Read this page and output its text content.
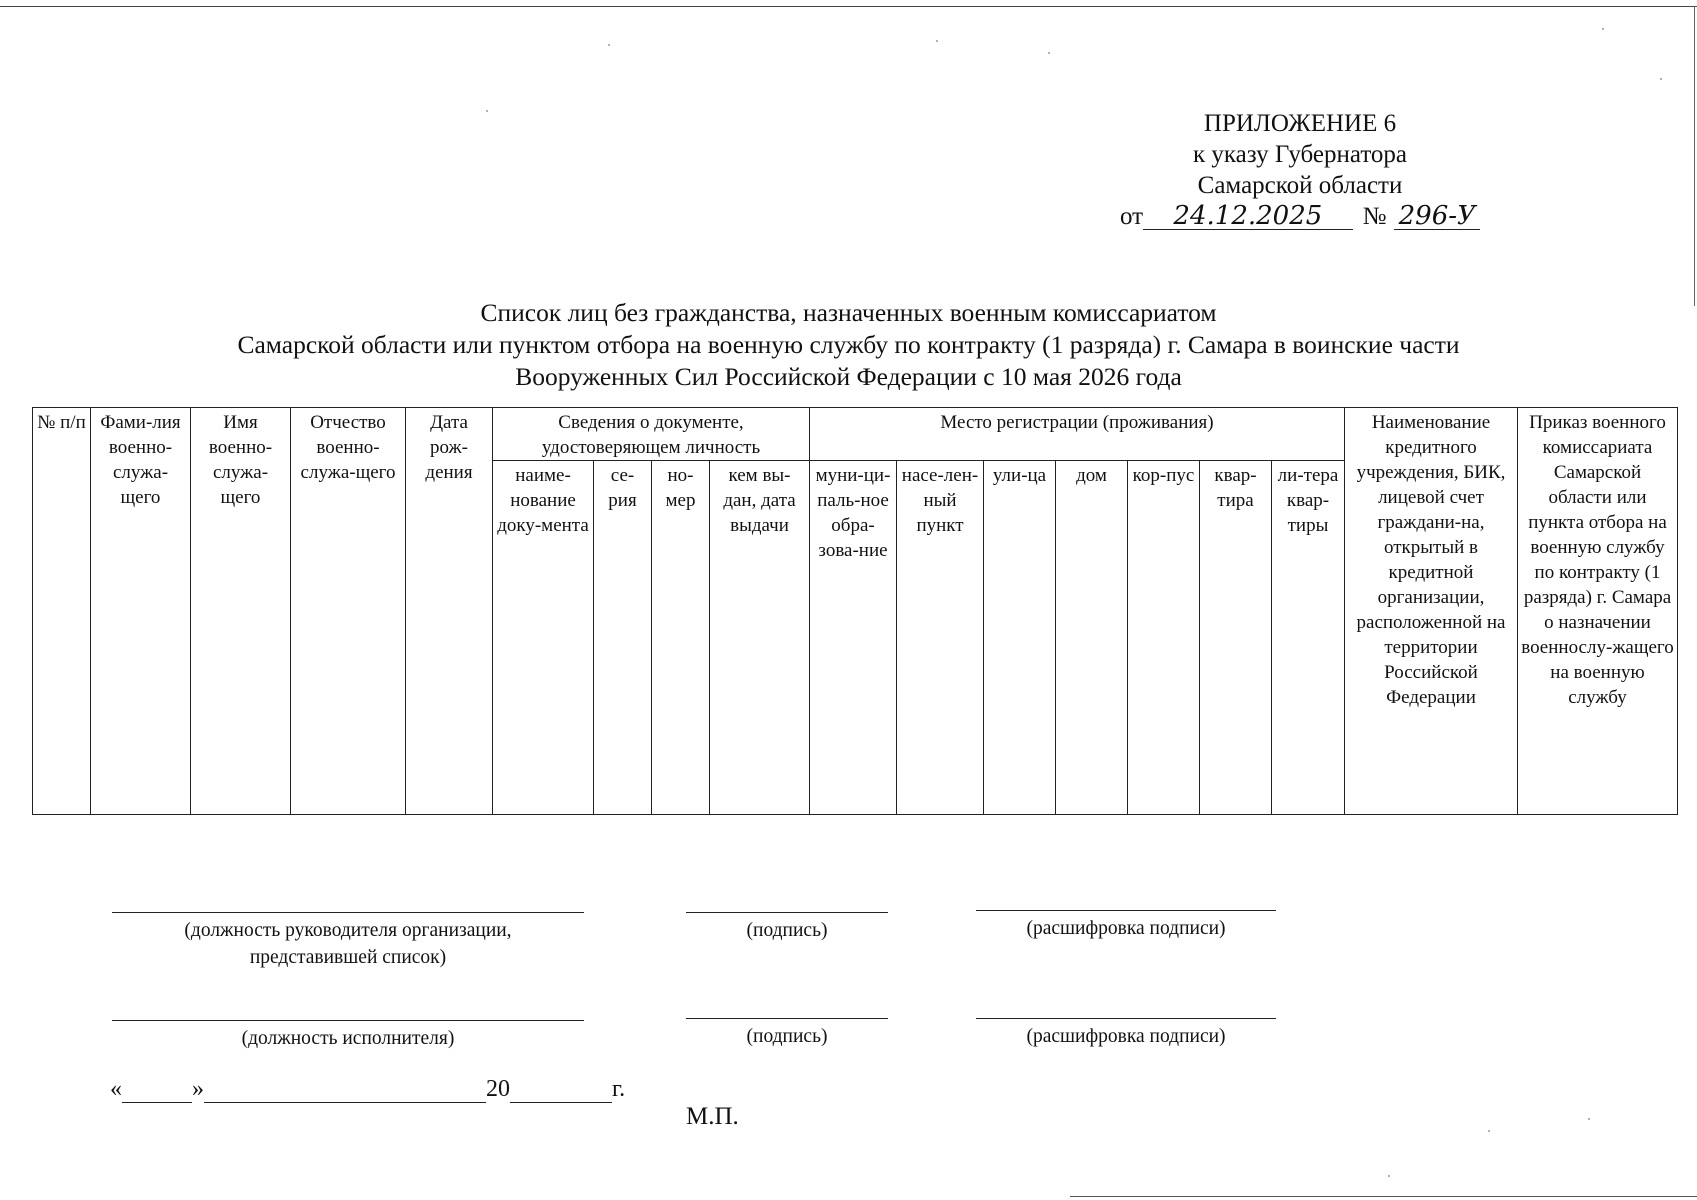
ПРИЛОЖЕНИЕ 6
к указу Губернатора
Самарской области
от	24.12.2025	№ 296-У
Список лиц без гражданства, назначенных военным комиссариатом
Самарской области или пунктом отбора на военную службу по контракту (1 разряда) г. Самара в воинские части
Вооруженных Сил Российской Федерации с 10 мая 2026 года
№ п/п	Фами-лия военно-служа-щего	Имя военно-служа-щего	Отчество военно-служа-щего	Дата рож-дения	Сведения о документе, удостоверяющем личность				Место регистрации (проживания)							Наименование кредитного учреждения, БИК, лицевой счет граждани-на, открытый в кредитной организации, расположенной на территории Российской Федерации	Приказ военного комиссариата Самарской области или пункта отбора на военную службу по контракту (1 разряда) г. Самара о назначении военнослу-жащего на военную службу
					наиме-нование доку-мента	се-рия	но-мер	кем вы-дан, дата выдачи	муни-ци-паль-ное обра-зова-ние	насе-лен-ный пункт	ули-ца	дом	кор-пус	квар-тира	ли-тера квар-тиры		
(должность руководителя организации, представившей список)
(подпись)	(расшифровка подписи)
(должность исполнителя)	(подпись)	(расшифровка подписи)
«	»	20	г.
М.П.
